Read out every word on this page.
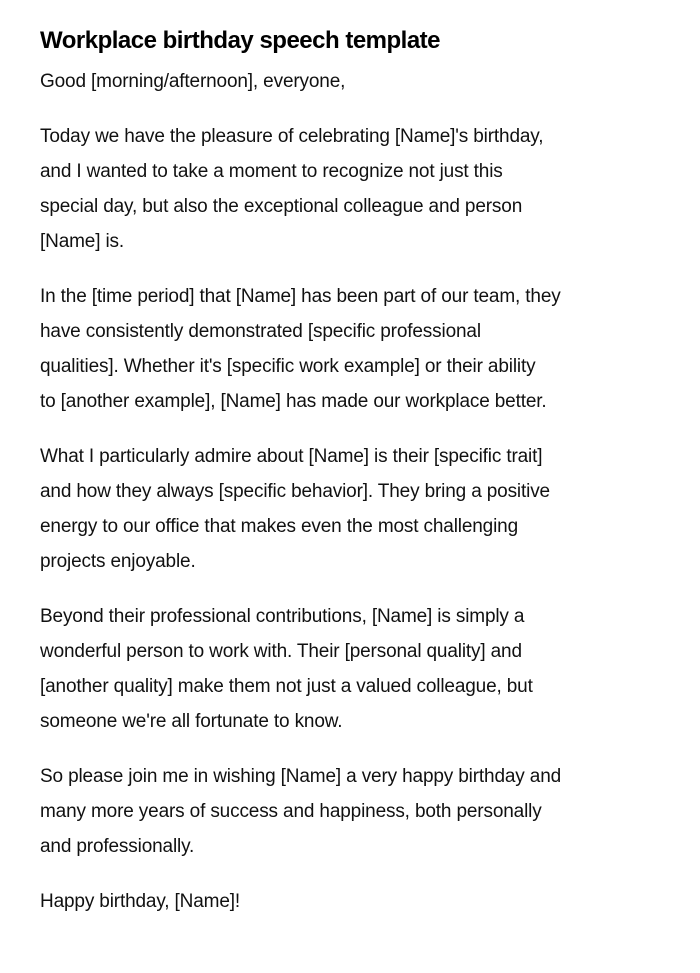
Workplace birthday speech template

Good [morning/afternoon], everyone,

Today we have the pleasure of celebrating [Name]'s birthday,
and I wanted to take a moment to recognize not just this
special day, but also the exceptional colleague and person
[Name] is.

In the [time period] that [Name] has been part of our team, they
have consistently demonstrated [specific professional
qualities]. Whether it's [specific work example] or their ability
to [another example], [Name] has made our workplace better.

What I particularly admire about [Name] is their [specific trait]
and how they always [specific behavior]. They bring a positive
energy to our office that makes even the most challenging
projects enjoyable.

Beyond their professional contributions, [Name] is simply a
wonderful person to work with. Their [personal quality] and
[another quality] make them not just a valued colleague, but
someone we're all fortunate to know.

So please join me in wishing [Name] a very happy birthday and
many more years of success and happiness, both personally
and professionally.

Happy birthday, [Name]!
